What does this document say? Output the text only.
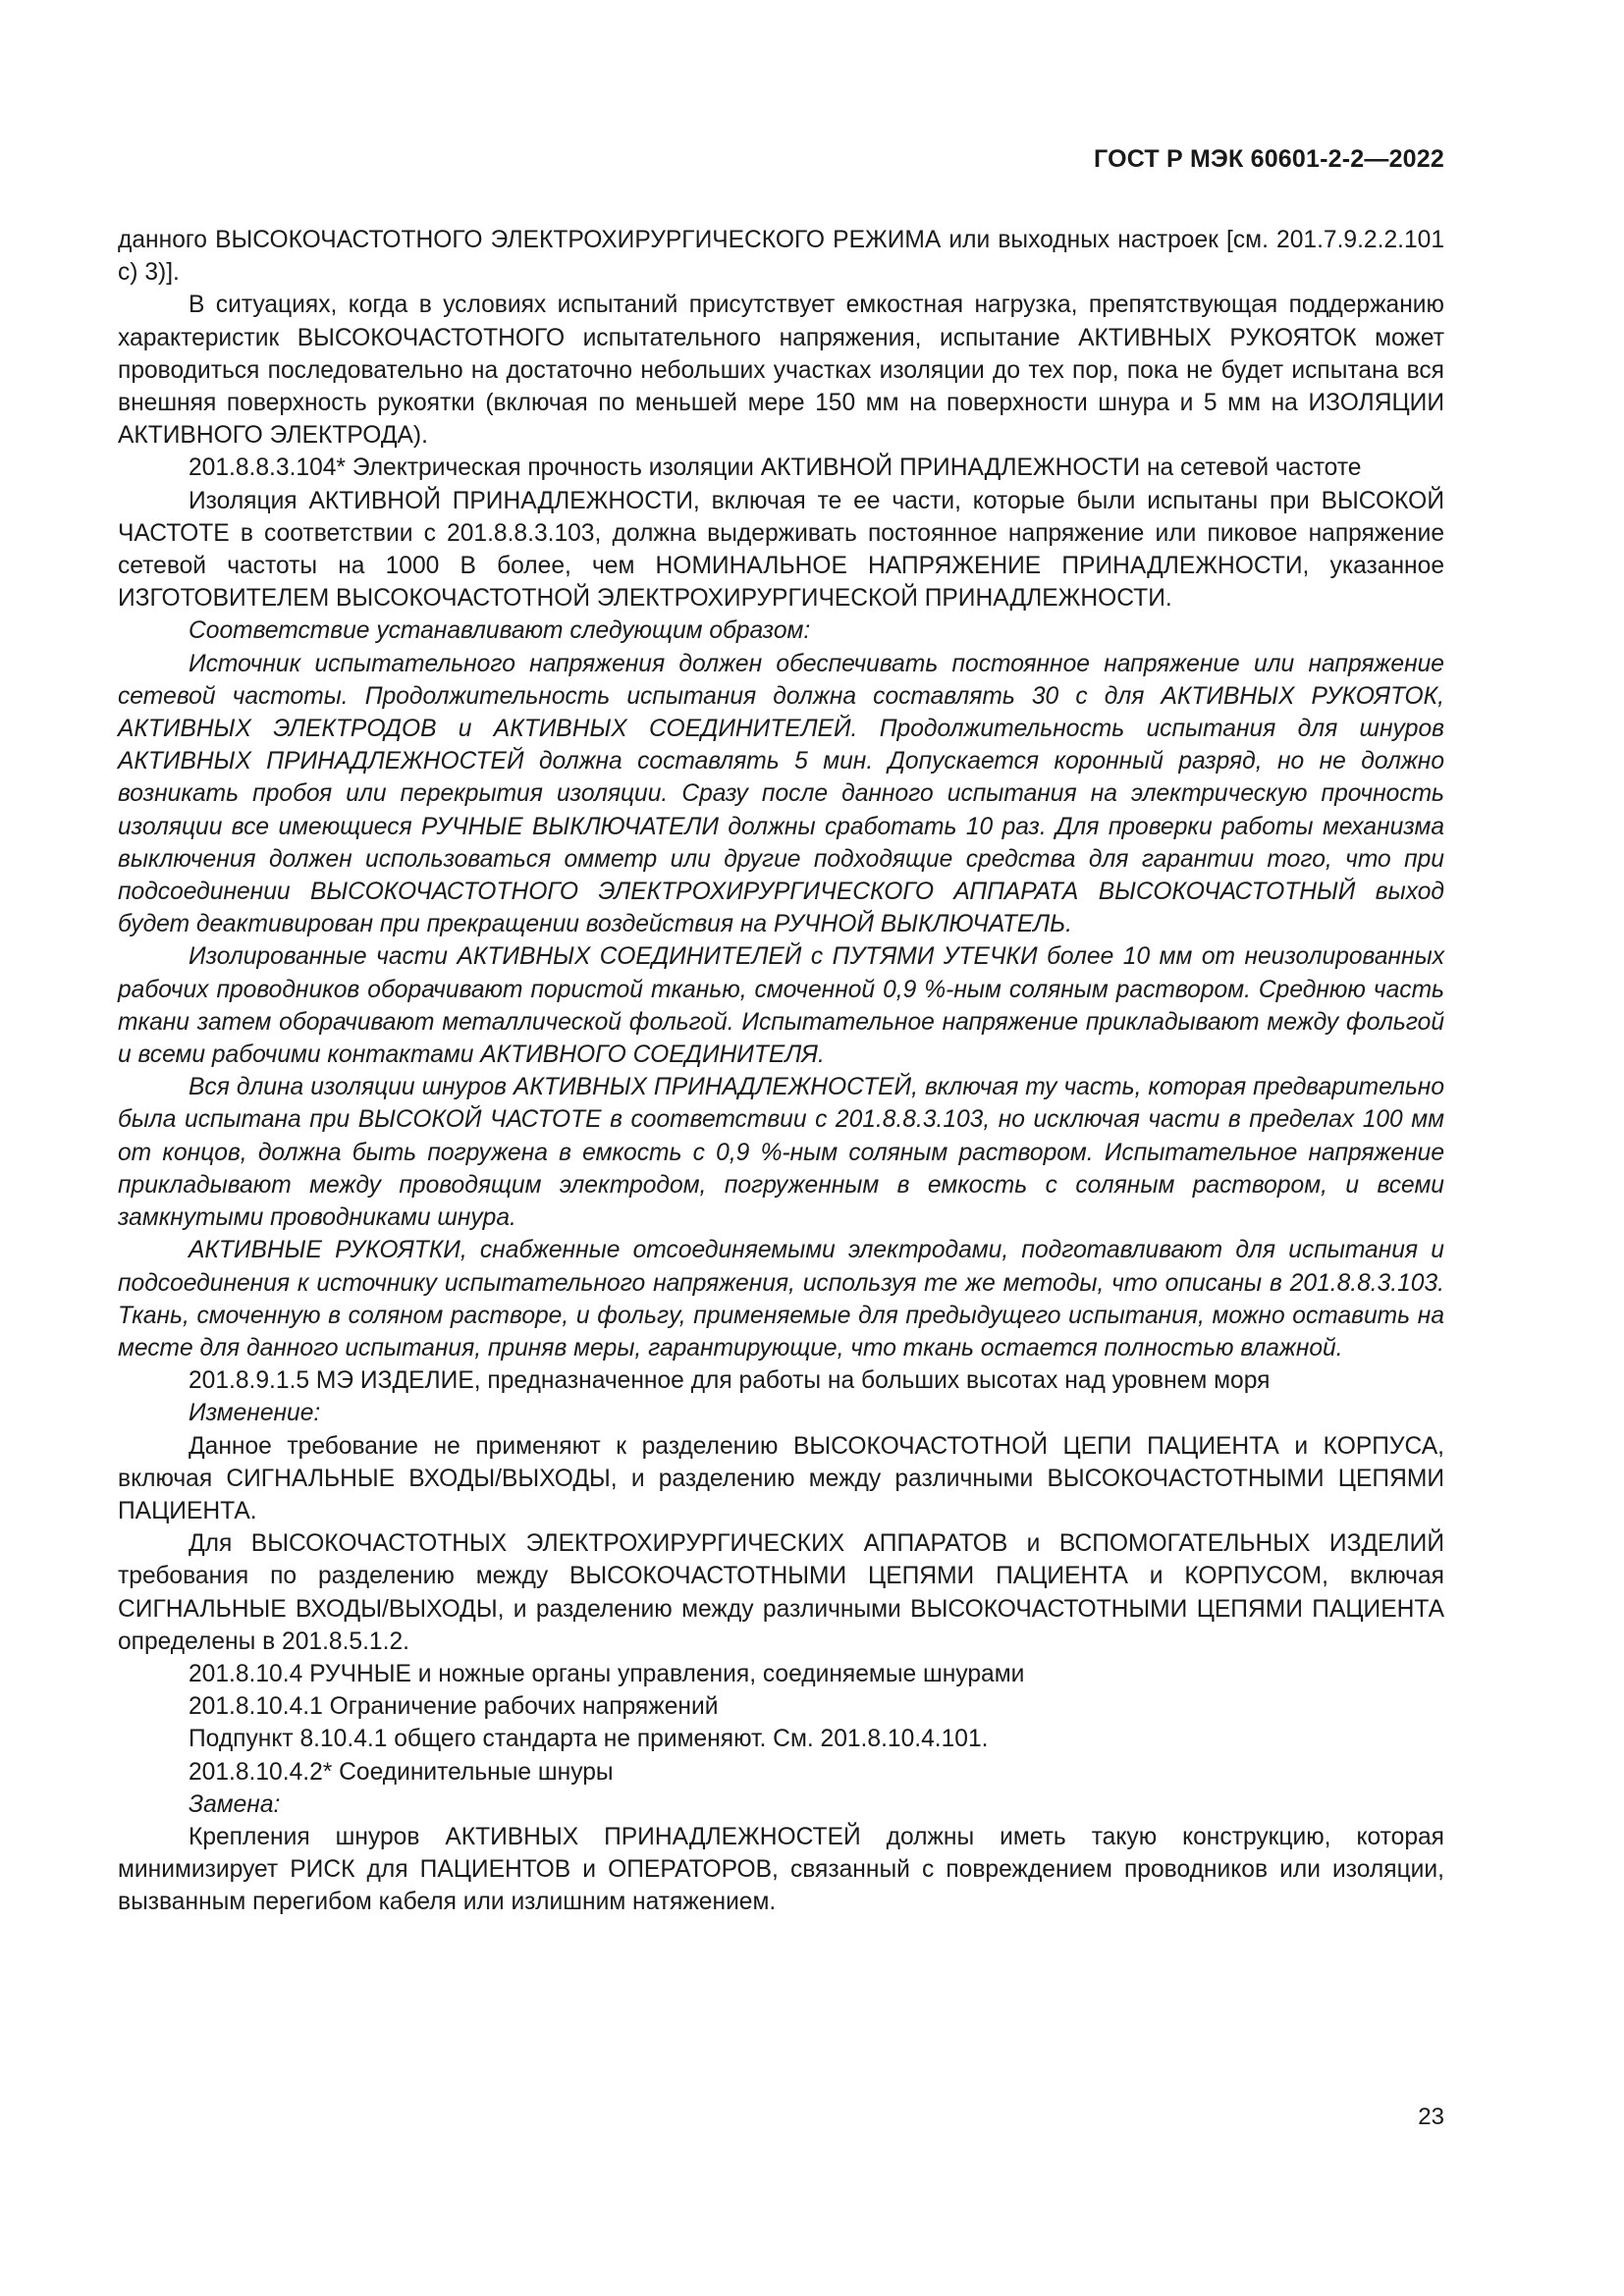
ГОСТ Р МЭК 60601-2-2—2022

данного ВЫСОКОЧАСТОТНОГО ЭЛЕКТРОХИРУРГИЧЕСКОГО РЕЖИМА или выходных настроек [см. 201.7.9.2.2.101 с) 3)].

В ситуациях, когда в условиях испытаний присутствует емкостная нагрузка, препятствующая поддержанию характеристик ВЫСОКОЧАСТОТНОГО испытательного напряжения, испытание АКТИВНЫХ РУКОЯТОК может проводиться последовательно на достаточно небольших участках изоляции до тех пор, пока не будет испытана вся внешняя поверхность рукоятки (включая по меньшей мере 150 мм на поверхности шнура и 5 мм на ИЗОЛЯЦИИ АКТИВНОГО ЭЛЕКТРОДА).

201.8.8.3.104* Электрическая прочность изоляции АКТИВНОЙ ПРИНАДЛЕЖНОСТИ на сетевой частоте

Изоляция АКТИВНОЙ ПРИНАДЛЕЖНОСТИ, включая те ее части, которые были испытаны при ВЫСОКОЙ ЧАСТОТЕ в соответствии с 201.8.8.3.103, должна выдерживать постоянное напряжение или пиковое напряжение сетевой частоты на 1000 В более, чем НОМИНАЛЬНОЕ НАПРЯЖЕНИЕ ПРИНАДЛЕЖНОСТИ, указанное ИЗГОТОВИТЕЛЕМ ВЫСОКОЧАСТОТНОЙ ЭЛЕКТРОХИРУРГИЧЕСКОЙ ПРИНАДЛЕЖНОСТИ.

Соответствие устанавливают следующим образом:

Источник испытательного напряжения должен обеспечивать постоянное напряжение или напряжение сетевой частоты. Продолжительность испытания должна составлять 30 с для АКТИВНЫХ РУКОЯТОК, АКТИВНЫХ ЭЛЕКТРОДОВ и АКТИВНЫХ СОЕДИНИТЕЛЕЙ. Продолжительность испытания для шнуров АКТИВНЫХ ПРИНАДЛЕЖНОСТЕЙ должна составлять 5 мин. Допускается коронный разряд, но не должно возникать пробоя или перекрытия изоляции. Сразу после данного испытания на электрическую прочность изоляции все имеющиеся РУЧНЫЕ ВЫКЛЮЧАТЕЛИ должны сработать 10 раз. Для проверки работы механизма выключения должен использоваться омметр или другие подходящие средства для гарантии того, что при подсоединении ВЫСОКОЧАСТОТНОГО ЭЛЕКТРОХИРУРГИЧЕСКОГО АППАРАТА ВЫСОКОЧАСТОТНЫЙ выход будет деактивирован при прекращении воздействия на РУЧНОЙ ВЫКЛЮЧАТЕЛЬ.

Изолированные части АКТИВНЫХ СОЕДИНИТЕЛЕЙ с ПУТЯМИ УТЕЧКИ более 10 мм от неизолированных рабочих проводников оборачивают пористой тканью, смоченной 0,9 %-ным соляным раствором. Среднюю часть ткани затем оборачивают металлической фольгой. Испытательное напряжение прикладывают между фольгой и всеми рабочими контактами АКТИВНОГО СОЕДИНИТЕЛЯ.

Вся длина изоляции шнуров АКТИВНЫХ ПРИНАДЛЕЖНОСТЕЙ, включая ту часть, которая предварительно была испытана при ВЫСОКОЙ ЧАСТОТЕ в соответствии с 201.8.8.3.103, но исключая части в пределах 100 мм от концов, должна быть погружена в емкость с 0,9 %-ным соляным раствором. Испытательное напряжение прикладывают между проводящим электродом, погруженным в емкость с соляным раствором, и всеми замкнутыми проводниками шнура.

АКТИВНЫЕ РУКОЯТКИ, снабженные отсоединяемыми электродами, подготавливают для испытания и подсоединения к источнику испытательного напряжения, используя те же методы, что описаны в 201.8.8.3.103. Ткань, смоченную в соляном растворе, и фольгу, применяемые для предыдущего испытания, можно оставить на месте для данного испытания, приняв меры, гарантирующие, что ткань остается полностью влажной.

201.8.9.1.5 МЭ ИЗДЕЛИЕ, предназначенное для работы на больших высотах над уровнем моря

Изменение:

Данное требование не применяют к разделению ВЫСОКОЧАСТОТНОЙ ЦЕПИ ПАЦИЕНТА и КОРПУСА, включая СИГНАЛЬНЫЕ ВХОДЫ/ВЫХОДЫ, и разделению между различными ВЫСОКОЧАСТОТНЫМИ ЦЕПЯМИ ПАЦИЕНТА.

Для ВЫСОКОЧАСТОТНЫХ ЭЛЕКТРОХИРУРГИЧЕСКИХ АППАРАТОВ и ВСПОМОГАТЕЛЬНЫХ ИЗДЕЛИЙ требования по разделению между ВЫСОКОЧАСТОТНЫМИ ЦЕПЯМИ ПАЦИЕНТА и КОРПУСОМ, включая СИГНАЛЬНЫЕ ВХОДЫ/ВЫХОДЫ, и разделению между различными ВЫСОКОЧАСТОТНЫМИ ЦЕПЯМИ ПАЦИЕНТА определены в 201.8.5.1.2.

201.8.10.4 РУЧНЫЕ и ножные органы управления, соединяемые шнурами

201.8.10.4.1 Ограничение рабочих напряжений

Подпункт 8.10.4.1 общего стандарта не применяют. См. 201.8.10.4.101.

201.8.10.4.2* Соединительные шнуры

Замена:

Крепления шнуров АКТИВНЫХ ПРИНАДЛЕЖНОСТЕЙ должны иметь такую конструкцию, которая минимизирует РИСК для ПАЦИЕНТОВ и ОПЕРАТОРОВ, связанный с повреждением проводников или изоляции, вызванным перегибом кабеля или излишним натяжением.

23
